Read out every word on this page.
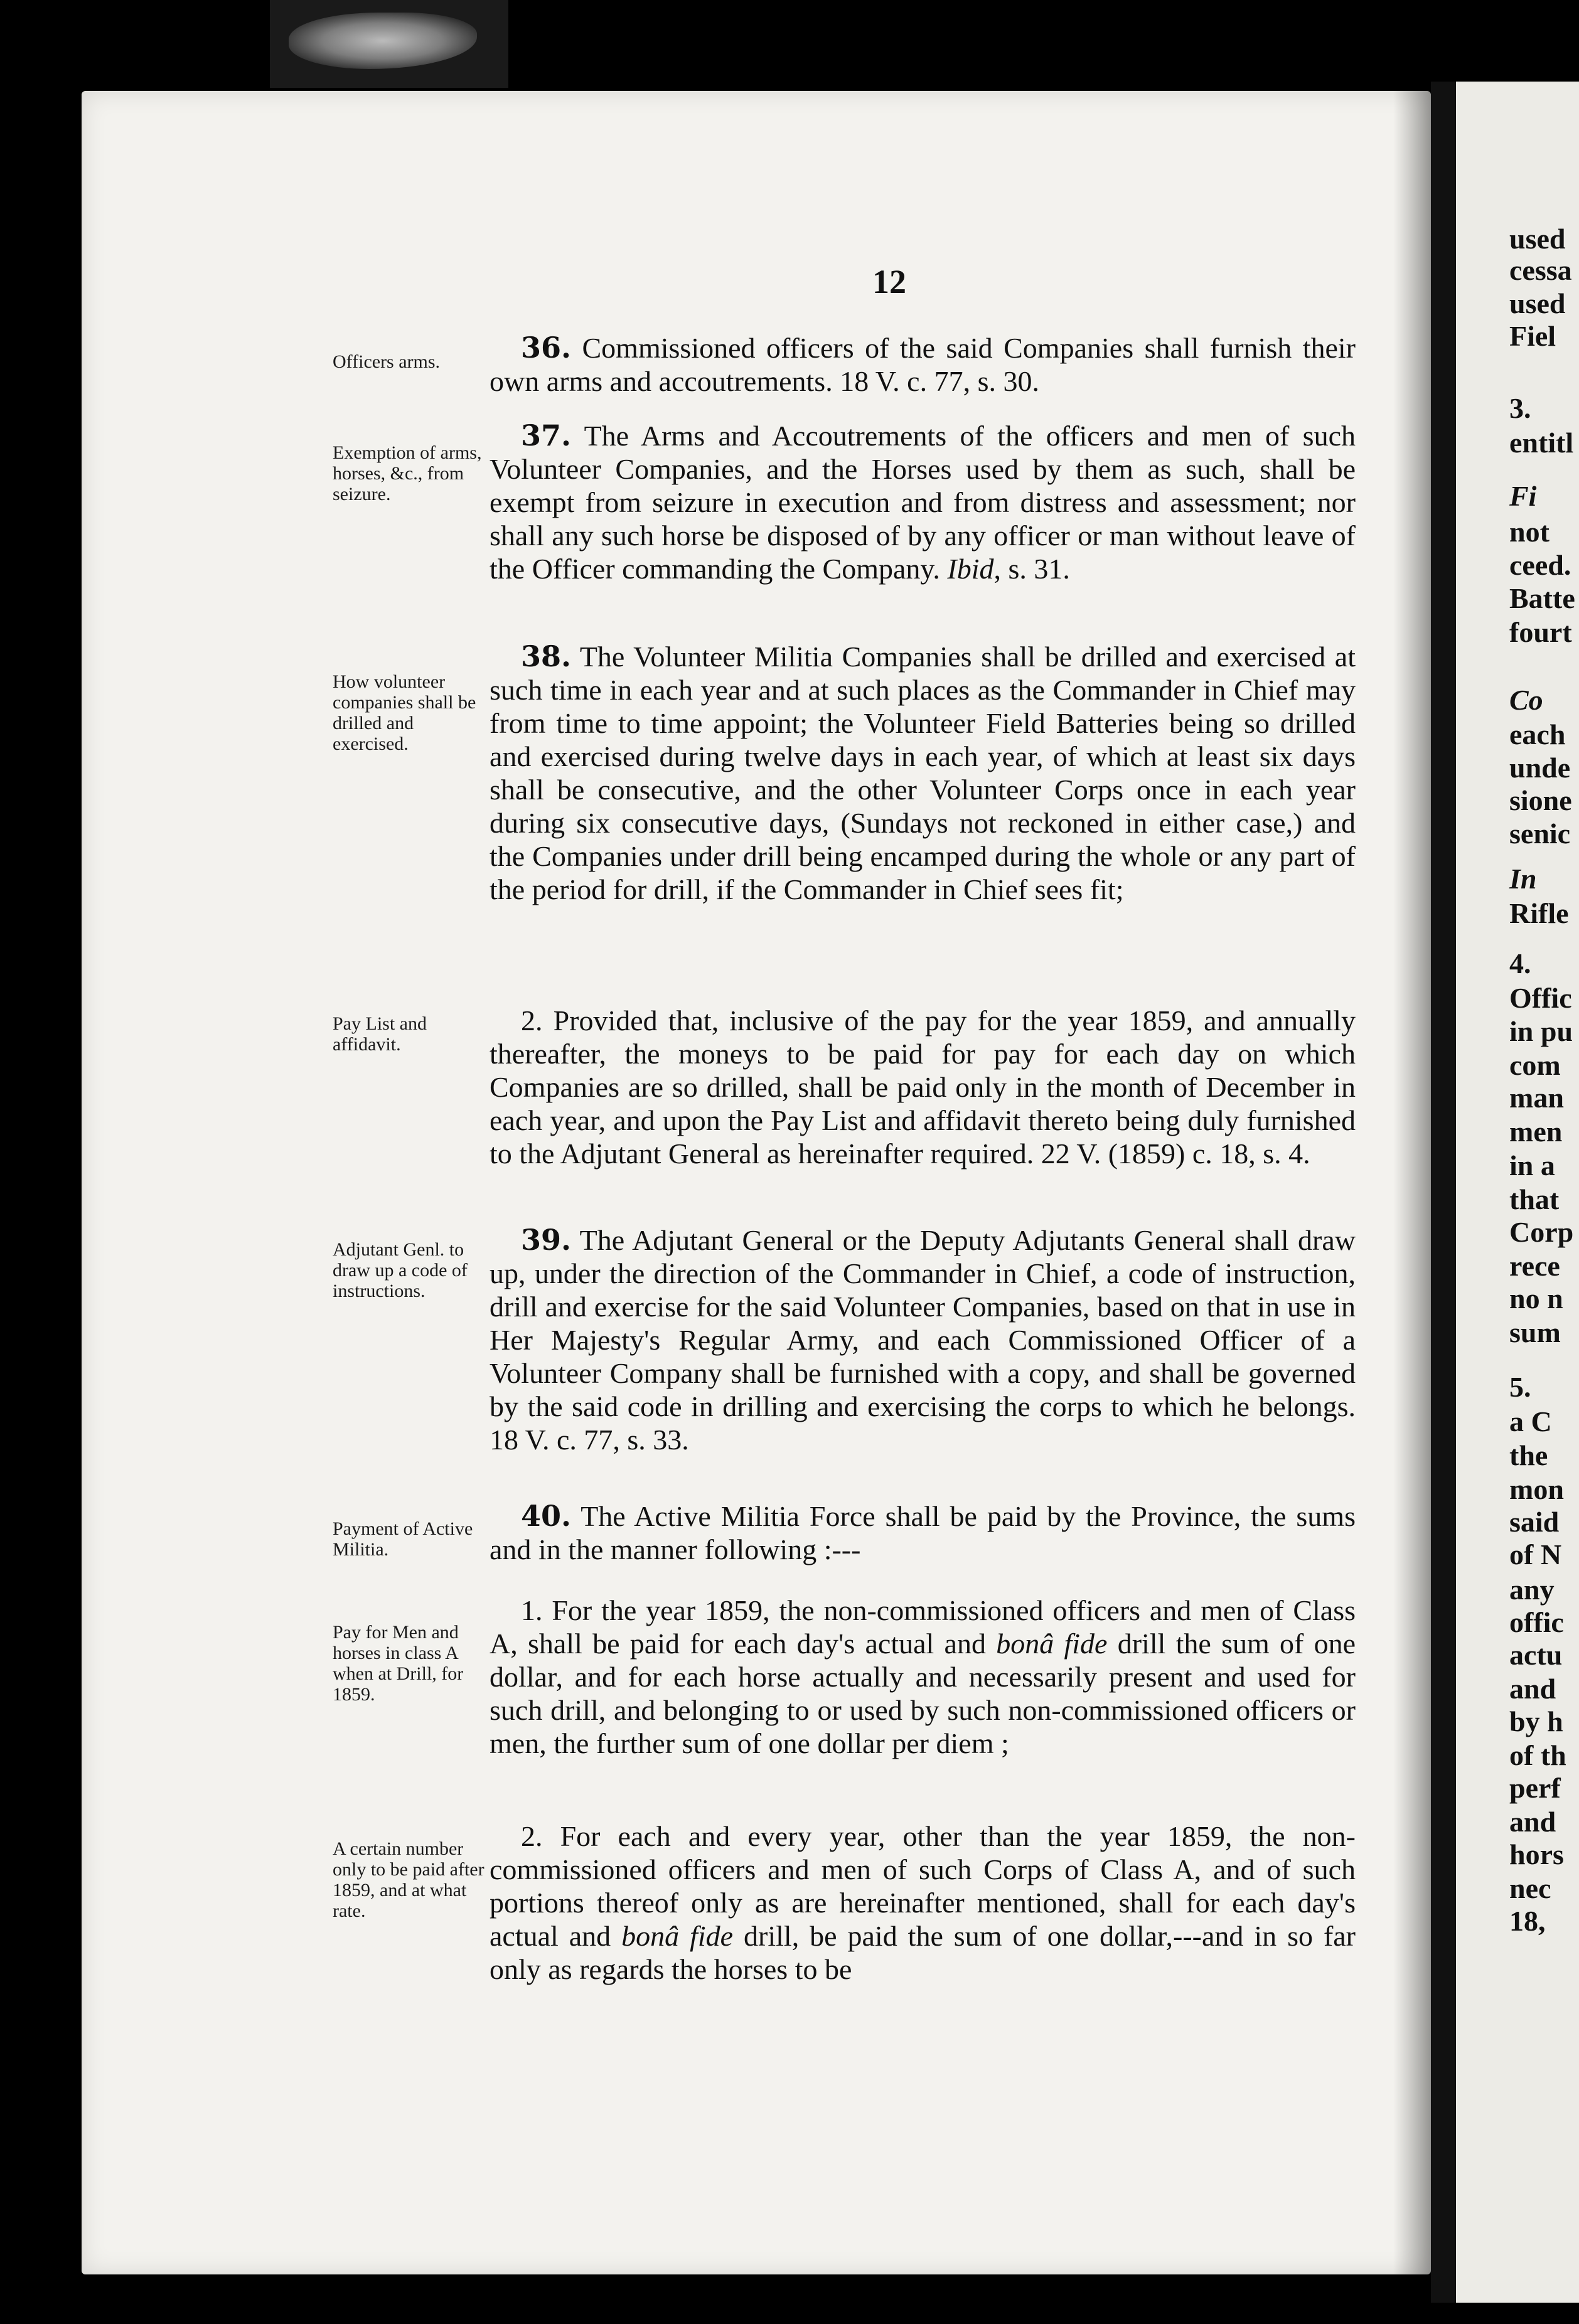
used
cessa
used
Fiel
3.
entitl
Fi
not
ceed.
Batte
fourt
Co
each
unde
sione
senic
In
Rifle
4.
Offic
in pu
com
man
men
in a
that
Corp
rece
no n
sum
5.
a C
the
mon
said
of N
any
offic
actu
and
by h
of th
perf
and
hors
nec
18,
12
Officers arms.	36. Commissioned officers of the said Companies shall furnish their own arms and accoutrements. 18 V. c. 77, s. 30.
Exemption of arms, horses, &c., from seizure.
37. The Arms and Accoutrements of the officers and men of such Volunteer Companies, and the Horses used by them as such, shall be exempt from seizure in execution and from distress and assessment; nor shall any such horse be disposed of by any officer or man without leave of the Officer commanding the Company. Ibid, s. 31.
How volunteer companies shall be drilled and exercised.
38. The Volunteer Militia Companies shall be drilled and exercised at such time in each year and at such places as the Commander in Chief may from time to time appoint; the Volunteer Field Batteries being so drilled and exercised during twelve days in each year, of which at least six days shall be consecutive, and the other Volunteer Corps once in each year during six consecutive days, (Sundays not reckoned in either case,) and the Companies under drill being encamped during the whole or any part of the period for drill, if the Commander in Chief sees fit;
Pay List and affidavit.
2. Provided that, inclusive of the pay for the year 1859, and annually thereafter, the moneys to be paid for pay for each day on which Companies are so drilled, shall be paid only in the month of December in each year, and upon the Pay List and affidavit thereto being duly furnished to the Adjutant General as hereinafter required. 22 V. (1859) c. 18, s. 4.
Adjutant Genl. to draw up a code of instructions.
39. The Adjutant General or the Deputy Adjutants General shall draw up, under the direction of the Commander in Chief, a code of instruction, drill and exercise for the said Volunteer Companies, based on that in use in Her Majesty's Regular Army, and each Commissioned Officer of a Volunteer Company shall be furnished with a copy, and shall be governed by the said code in drilling and exercising the corps to which he belongs. 18 V. c. 77, s. 33.
Payment of Active Militia.
40. The Active Militia Force shall be paid by the Province, the sums and in the manner following :---
Pay for Men and horses in class A when at Drill, for 1859.
1. For the year 1859, the non-commissioned officers and men of Class A, shall be paid for each day's actual and bonâ fide drill the sum of one dollar, and for each horse actually and necessarily present and used for such drill, and belonging to or used by such non-commissioned officers or men, the further sum of one dollar per diem ;
A certain number only to be paid after 1859, and at what rate.
2. For each and every year, other than the year 1859, the non-commissioned officers and men of such Corps of Class A, and of such portions thereof only as are hereinafter mentioned, shall for each day's actual and bonâ fide drill, be paid the sum of one dollar,---and in so far only as regards the horses to be
